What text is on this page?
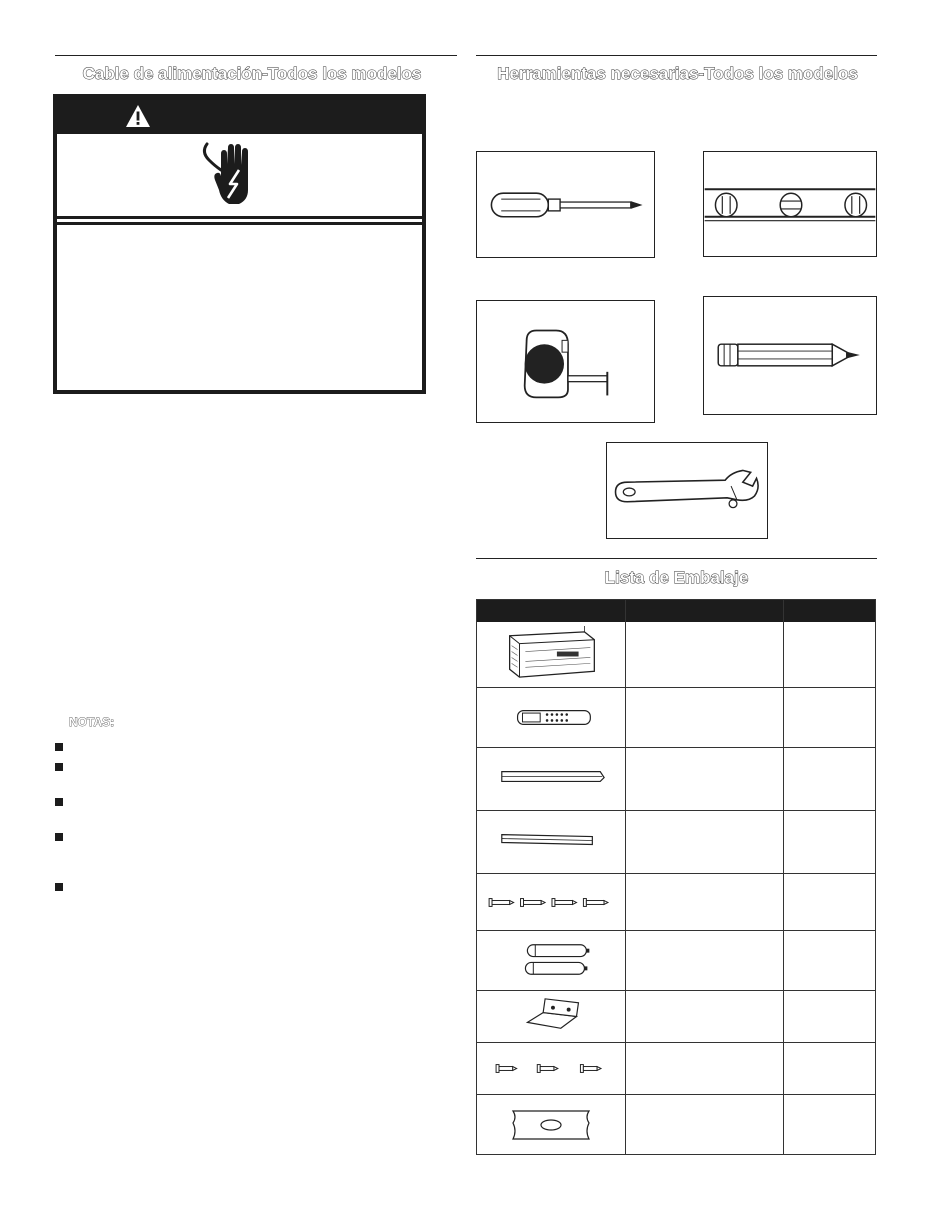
Cable de alimentación-Todos los modelos
NOTAS:
Herramientas necesarias-Todos los modelos
Lista de Embalaje
